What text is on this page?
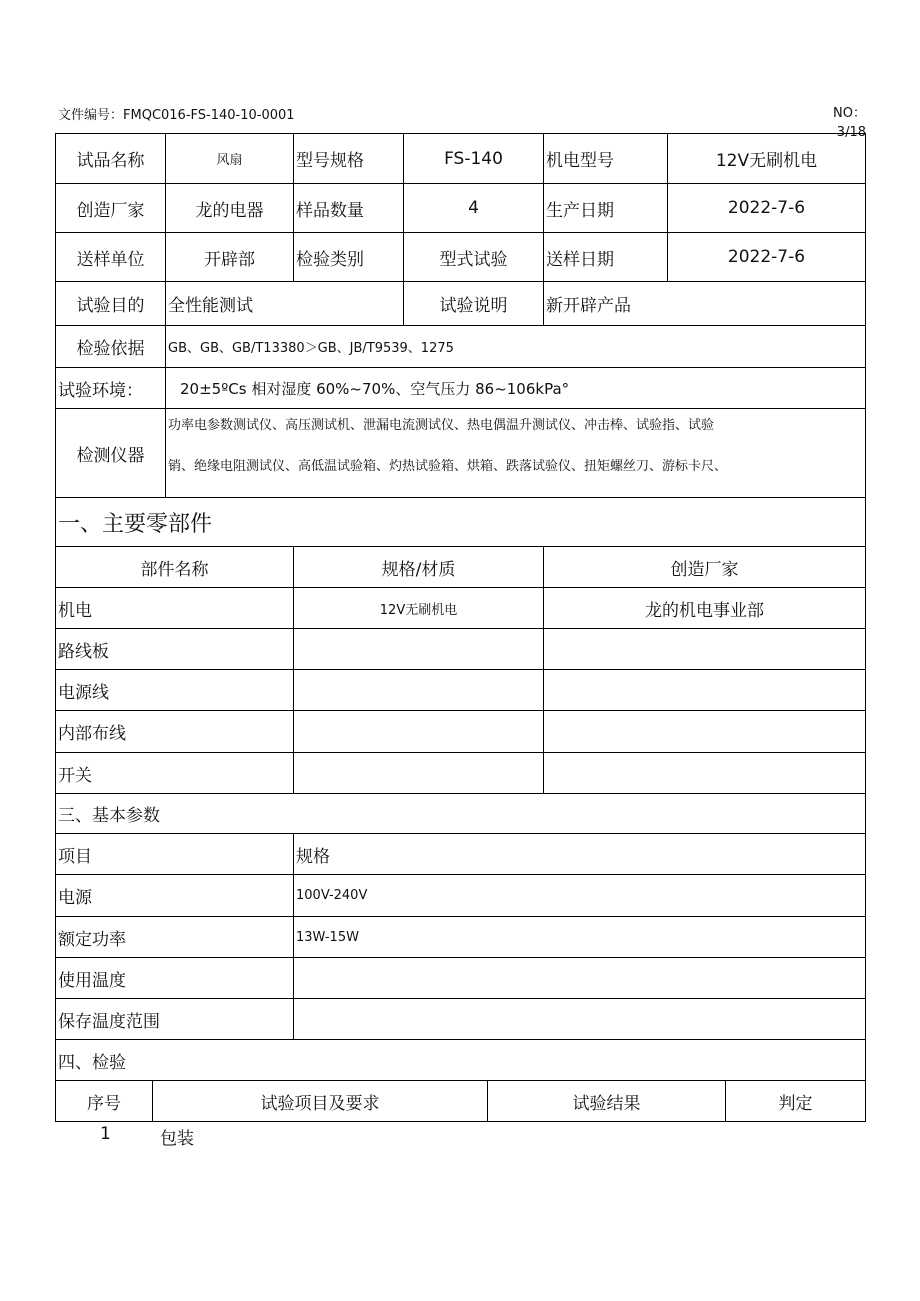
文件编号：FMQC016-FS-140-10-0001	NO：
3/18
试品名称	风扇	型号规格	FS-140	机电型号	12V无刷机电
创造厂家	龙的电器	样品数量	4	生产日期	2022-7-6
送样单位	开辟部	检验类别	型式试验	送样日期	2022-7-6
试验目的	全性能测试		试验说明	新开辟产品	
检验依据	GB、GB、GB/T13380＞GB、JB/T9539、1275				
试验环境：	20±5ºCs 相对湿度 60%~70%、空气压力 86~106kPa°				
检测仪器	功率电参数测试仪、高压测试机、泄漏电流测试仪、热电偶温升测试仪、冲击棒、试验指、试验
销、绝缘电阻测试仪、高低温试验箱、灼热试验箱、烘箱、跌落试验仪、扭矩螺丝刀、游标卡尺、				

一、主要零部件					
部件名称	规格/材质	创造厂家
机电	12V无刷机电	龙的机电事业部
路线板		
电源线		
内部布线		
开关		
三、基本参数	
项目	规格
电源	100V-240V
额定功率	13W-15W
使用温度	
保存温度范围	
四、检验	
序号	试验项目及要求	试验结果	判定
1	包装
